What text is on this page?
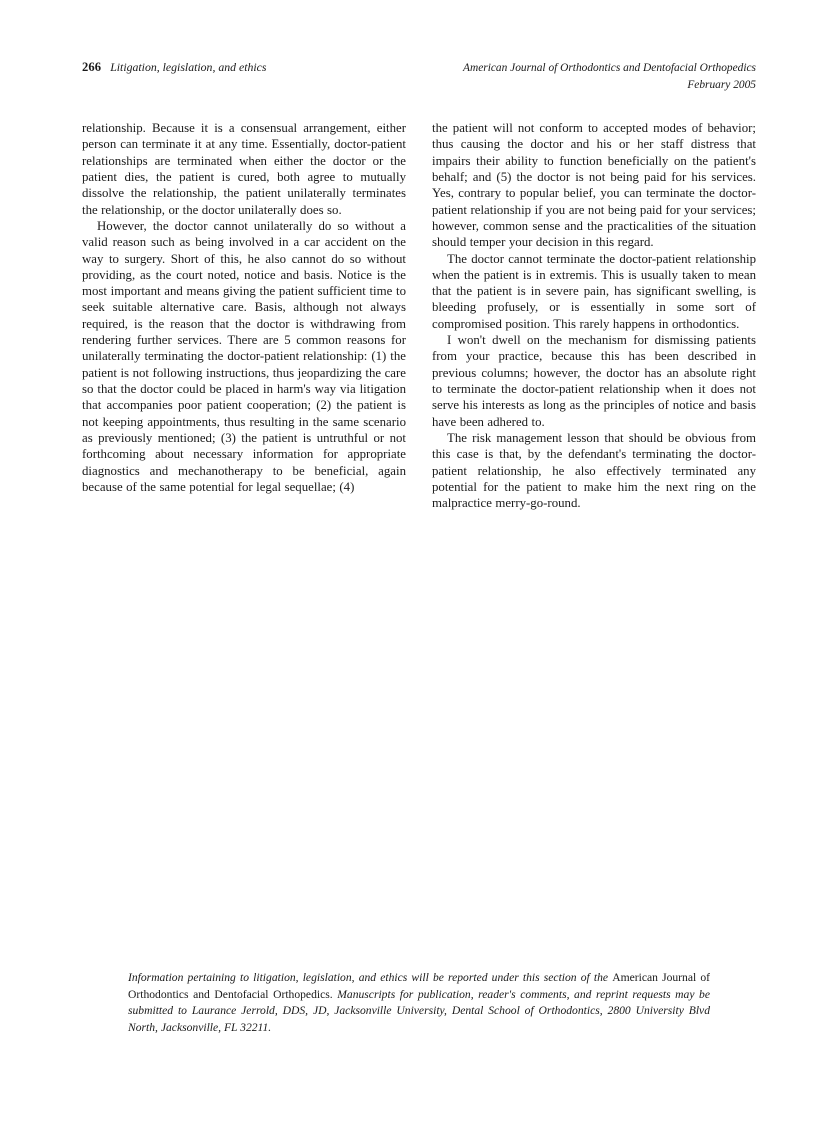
266 Litigation, legislation, and ethics	American Journal of Orthodontics and Dentofacial Orthopedics
February 2005

relationship. Because it is a consensual arrangement, either person can terminate it at any time. Essentially, doctor-patient relationships are terminated when either the doctor or the patient dies, the patient is cured, both agree to mutually dissolve the relationship, the patient unilaterally terminates the relationship, or the doctor unilaterally does so.

However, the doctor cannot unilaterally do so without a valid reason such as being involved in a car accident on the way to surgery. Short of this, he also cannot do so without providing, as the court noted, notice and basis. Notice is the most important and means giving the patient sufficient time to seek suitable alternative care. Basis, although not always required, is the reason that the doctor is withdrawing from rendering further services. There are 5 common reasons for unilaterally terminating the doctor-patient relationship: (1) the patient is not following instructions, thus jeopardizing the care so that the doctor could be placed in harm's way via litigation that accompanies poor patient cooperation; (2) the patient is not keeping appointments, thus resulting in the same scenario as previously mentioned; (3) the patient is untruthful or not forthcoming about necessary information for appropriate diagnostics and mechanotherapy to be beneficial, again because of the same potential for legal sequellae; (4)

the patient will not conform to accepted modes of behavior; thus causing the doctor and his or her staff distress that impairs their ability to function beneficially on the patient's behalf; and (5) the doctor is not being paid for his services. Yes, contrary to popular belief, you can terminate the doctor-patient relationship if you are not being paid for your services; however, common sense and the practicalities of the situation should temper your decision in this regard.

The doctor cannot terminate the doctor-patient relationship when the patient is in extremis. This is usually taken to mean that the patient is in severe pain, has significant swelling, is bleeding profusely, or is essentially in some sort of compromised position. This rarely happens in orthodontics.

I won't dwell on the mechanism for dismissing patients from your practice, because this has been described in previous columns; however, the doctor has an absolute right to terminate the doctor-patient relationship when it does not serve his interests as long as the principles of notice and basis have been adhered to.

The risk management lesson that should be obvious from this case is that, by the defendant's terminating the doctor-patient relationship, he also effectively terminated any potential for the patient to make him the next ring on the malpractice merry-go-round.

Information pertaining to litigation, legislation, and ethics will be reported under this section of the American Journal of Orthodontics and Dentofacial Orthopedics. Manuscripts for publication, reader's comments, and reprint requests may be submitted to Laurance Jerrold, DDS, JD, Jacksonville University, Dental School of Orthodontics, 2800 University Blvd North, Jacksonville, FL 32211.
